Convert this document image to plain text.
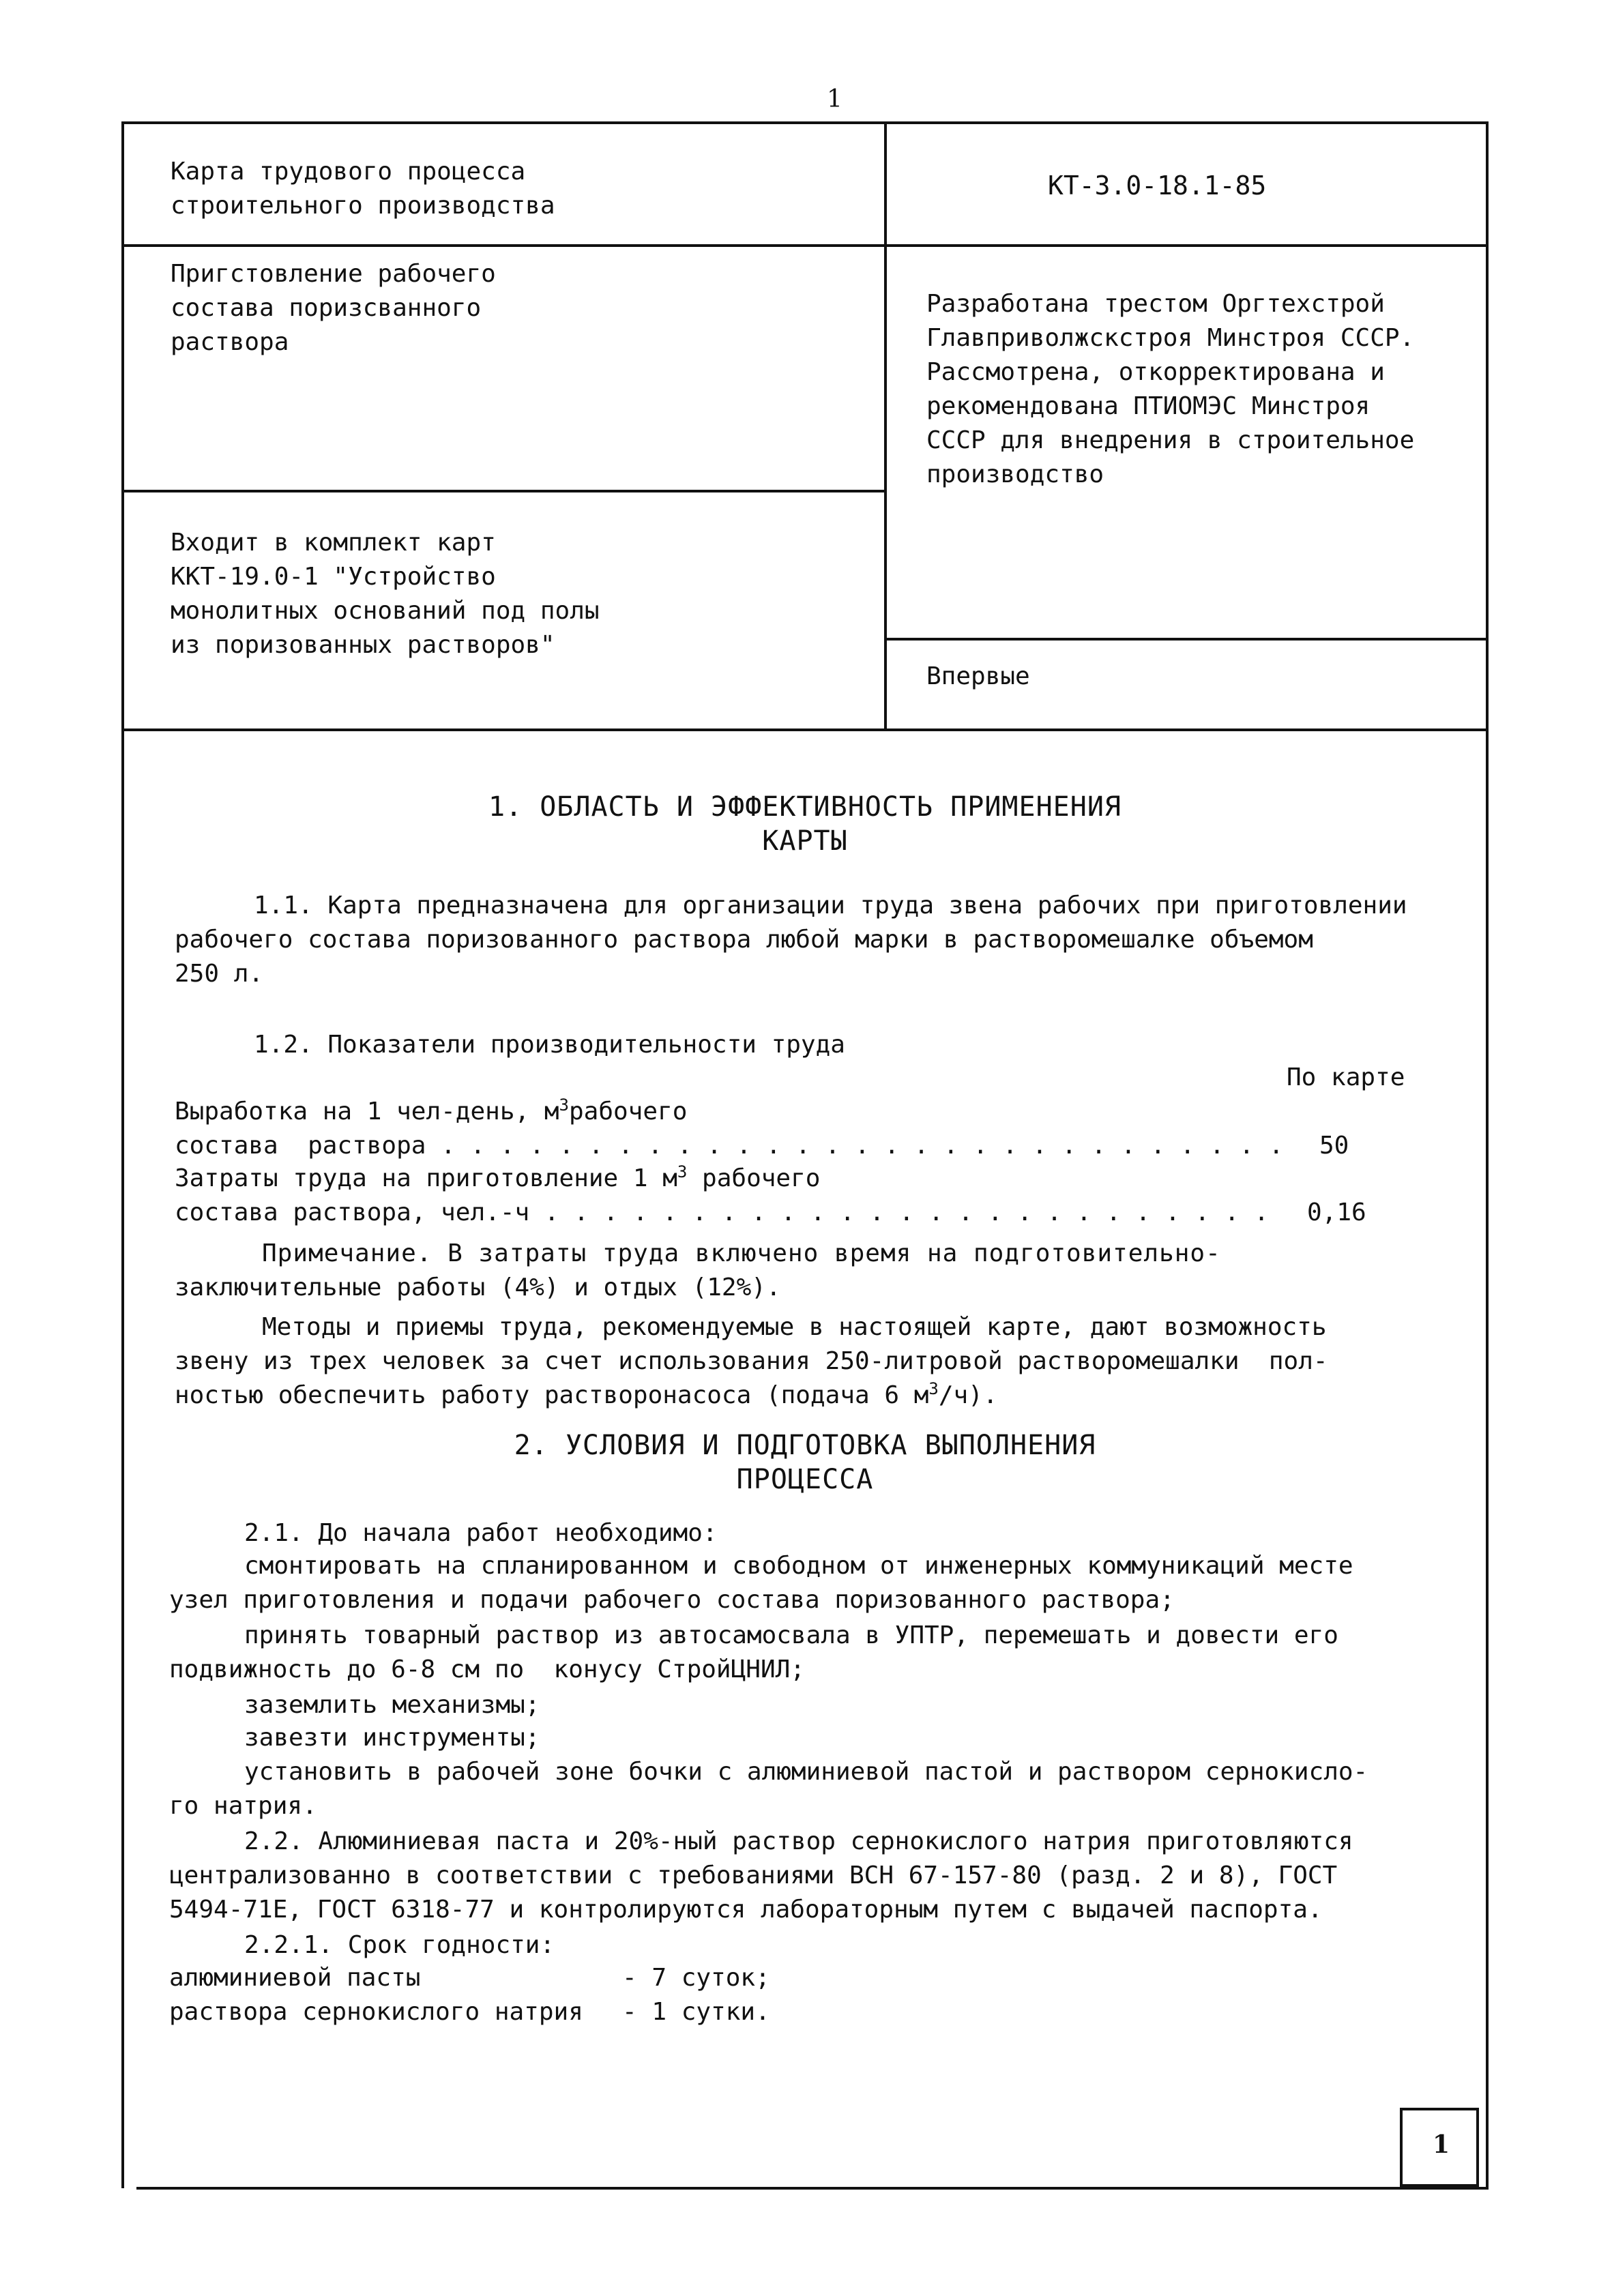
1
Карта трудового процесса
строительного производства
КТ-3.0-18.1-85
Пригстовление рабочего
состава поризсванного
раствора
Разработана трестом Оргтехстрой
Главприволжскстроя Минстроя СССР.
Рассмотрена, откорректирована и
рекомендована ПТИОМЭС Минстроя
СССР для внедрения в строительное
производство
Входит в комплект карт
ККТ-19.0-1 "Устройство
монолитных оснований под полы
из поризованных растворов"
Впервые
1. ОБЛАСТЬ И ЭФФЕКТИВНОСТЬ ПРИМЕНЕНИЯ
КАРТЫ
1.1. Карта предназначена для организации труда звена рабочих при приготовлении
рабочего состава поризованного раствора любой марки в растворомешалке объемом
250 л.
1.2. Показатели производительности труда
По карте
Выработка на 1 чел-день, $м^3рабочего$
состава  раствора . . . . . . . . . . . . . . . . . . . . . . . . . . . . . 50
Затраты труда на приготовление 1 $м^3$ рабочего
состава раствора, чел.-ч . . . . . . . . . . . . . . . . . . . . . . . . . 0,16
Примечание. В затраты труда включено время на подготовительно-
заключительные работы (4%) и отдых (12%).
Методы и приемы труда, рекомендуемые в настоящей карте, дают возможность
звену из трех человек за счет использования 250-литровой растворомешалки  пол-
ностью обеспечить работу растворонасоса (подача 6 $м^3/ч$).
2. УСЛОВИЯ И ПОДГОТОВКА ВЫПОЛНЕНИЯ
ПРОЦЕССА
2.1. До начала работ необходимо:
смонтировать на спланированном и свободном от инженерных коммуникаций месте
узел приготовления и подачи рабочего состава поризованного раствора;
принять товарный раствор из автосамосвала в УПТР, перемешать и довести его
подвижность до 6-8 см по  конусу СтройЦНИЛ;
заземлить механизмы;
завезти инструменты;
установить в рабочей зоне бочки с алюминиевой пастой и раствором сернокисло-
го натрия.
2.2. Алюминиевая паста и 20%-ный раствор сернокислого натрия приготовляются
централизованно в соответствии с требованиями ВСН 67-157-80 (разд. 2 и 8), ГОСТ
5494-71Е, ГОСТ 6318-77 и контролируются лабораторным путем с выдачей паспорта.
2.2.1. Срок годности:
алюминиевой пасты	- 7 суток;
раствора сернокислого натрия - 1 сутки.
1
